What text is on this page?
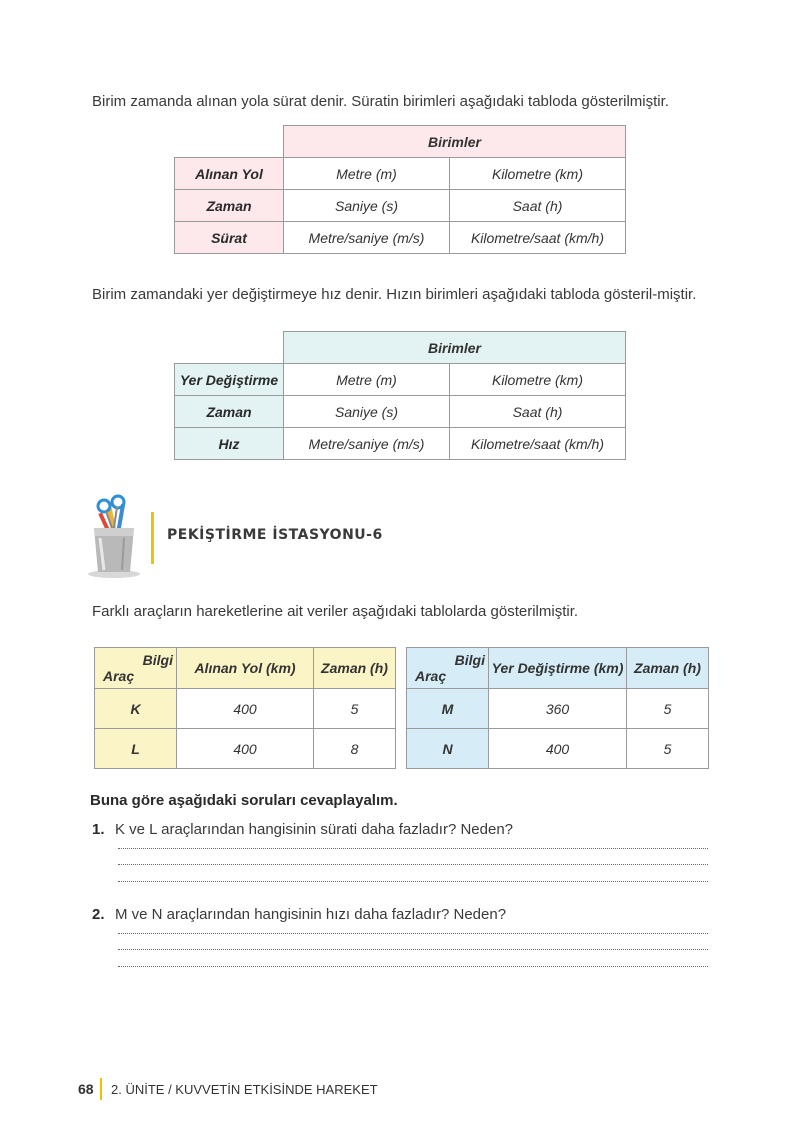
Birim zamanda alınan yola sürat denir. Süratin birimleri aşağıdaki tabloda gösterilmiştir.
	Birimler	
Alınan Yol	Metre (m)	Kilometre (km)
Zaman	Saniye (s)	Saat (h)
Sürat	Metre/saniye (m/s)	Kilometre/saat (km/h)
Birim zamandaki yer değiştirmeye hız denir. Hızın birimleri aşağıdaki tabloda gösteril-miştir.
	Birimler	
Yer Değiştirme	Metre (m)	Kilometre (km)
Zaman	Saniye (s)	Saat (h)
Hız	Metre/saniye (m/s)	Kilometre/saat (km/h)
PEKİŞTİRME İSTASYONU-6
Farklı araçların hareketlerine ait veriler aşağıdaki tablolarda gösterilmiştir.
Bilgi
Araç	Alınan Yol (km)	Zaman (h)
K	400	5
L	400	8
Bilgi
Araç	Yer Değiştirme (km)	Zaman (h)
M	360	5
N	400	5
Buna göre aşağıdaki soruları cevaplayalım.
1. K ve L araçlarından hangisinin sürati daha fazladır? Neden?
2. M ve N araçlarından hangisinin hızı daha fazladır? Neden?
68 2. ÜNİTE / KUVVETİN ETKİSİNDE HAREKET
